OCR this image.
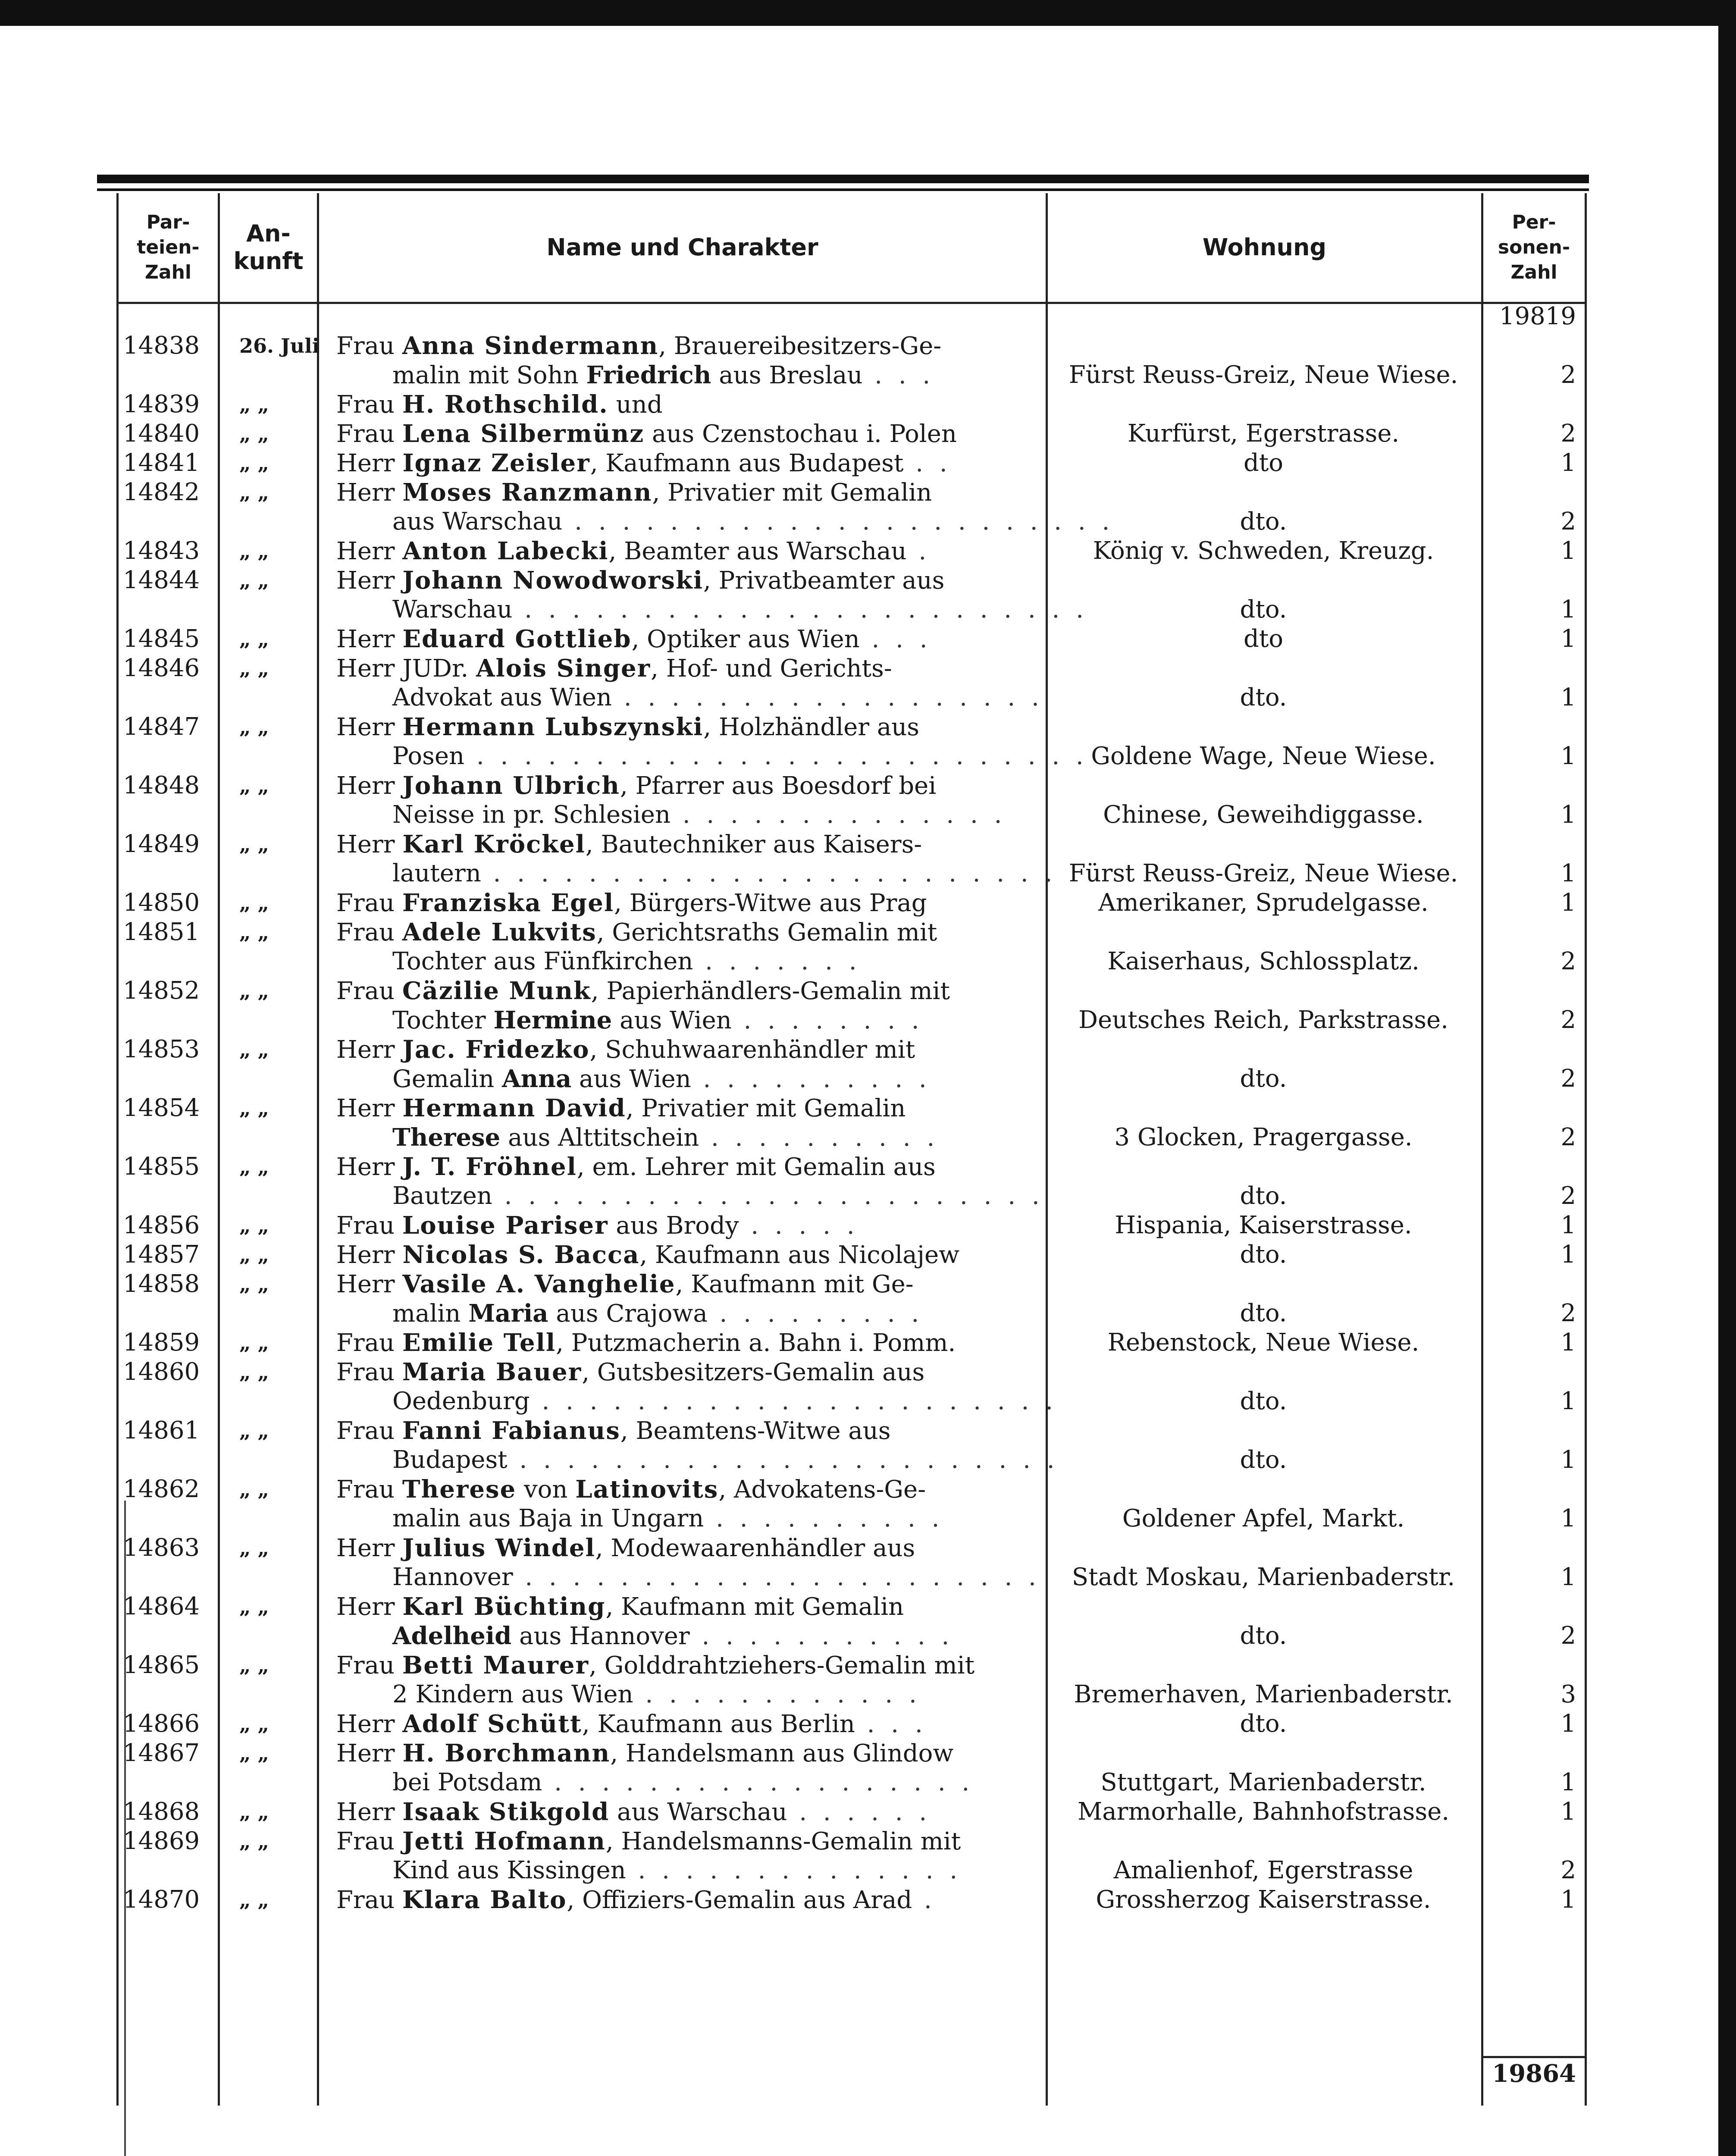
Par-
teien-
Zahl
An-
kunft
Name und Charakter	Wohnung
Per-
sonen-
Zahl
19819
14838 26. Juli Frau Anna Sindermann, Brauereibesitzers-Ge-
malin mit Sohn Friedrich aus Breslau . . .	Fürst Reuss-Greiz, Neue Wiese.	2
14839 „ „	Frau H. Rothschild. und
14840 „ „	Frau Lena Silbermünz aus Czenstochau i. Polen	Kurfürst, Egerstrasse.	2
14841 „ „	Herr Ignaz Zeisler, Kaufmann aus Budapest . .	dto	1
14842 „ „	Herr Moses Ranzmann, Privatier mit Gemalin
aus Warschau . . . . . . . . . . . . . . . . . . . . . . .	dto.	2
14843 „ „	Herr Anton Labecki, Beamter aus Warschau .	König v. Schweden, Kreuzg.	1
14844 „ „	Herr Johann Nowodworski, Privatbeamter aus
Warschau . . . . . . . . . . . . . . . . . . . . . . . .	dto.	1
14845 „ „	Herr Eduard Gottlieb, Optiker aus Wien . . .	dto	1
14846 „ „	Herr JUDr. Alois Singer, Hof- und Gerichts-
Advokat aus Wien . . . . . . . . . . . . . . . . . .	dto.	1
14847 „ „	Herr Hermann Lubszynski, Holzhändler aus
Posen . . . . . . . . . . . . . . . . . . . . . . . . . . Goldene Wage, Neue Wiese.	1
14848 „ „	Herr Johann Ulbrich, Pfarrer aus Boesdorf bei
Neisse in pr. Schlesien . . . . . . . . . . . . . .	Chinese, Geweihdiggasse.	1
14849 „ „	Herr Karl Kröckel, Bautechniker aus Kaisers-
lautern . . . . . . . . . . . . . . . . . . . . . . . . Fürst Reuss-Greiz, Neue Wiese.	1
14850 „ „	Frau Franziska Egel, Bürgers-Witwe aus Prag	Amerikaner, Sprudelgasse.	1
14851 „ „	Frau Adele Lukvits, Gerichtsraths Gemalin mit
Tochter aus Fünfkirchen . . . . . . .	Kaiserhaus, Schlossplatz.	2
14852 „ „	Frau Cäzilie Munk, Papierhändlers-Gemalin mit
Tochter Hermine aus Wien . . . . . . . .	Deutsches Reich, Parkstrasse.	2
14853 „ „	Herr Jac. Fridezko, Schuhwaarenhändler mit
Gemalin Anna aus Wien . . . . . . . . . .	dto.	2
14854 „ „	Herr Hermann David, Privatier mit Gemalin
Therese aus Alttitschein . . . . . . . . . .	3 Glocken, Pragergasse.	2
14855 „ „	Herr J. T. Fröhnel, em. Lehrer mit Gemalin aus
Bautzen . . . . . . . . . . . . . . . . . . . . . . .	dto.	2
14856 „ „	Frau Louise Pariser aus Brody . . . . .	Hispania, Kaiserstrasse.	1
14857 „ „	Herr Nicolas S. Bacca, Kaufmann aus Nicolajew	dto.	1
14858 „ „	Herr Vasile A. Vanghelie, Kaufmann mit Ge-
malin Maria aus Crajowa . . . . . . . . .	dto.	2
14859 „ „	Frau Emilie Tell, Putzmacherin a. Bahn i. Pomm.	Rebenstock, Neue Wiese.	1
14860 „ „	Frau Maria Bauer, Gutsbesitzers-Gemalin aus
Oedenburg . . . . . . . . . . . . . . . . . . . . . .	dto.	1
14861 „ „	Frau Fanni Fabianus, Beamtens-Witwe aus
Budapest . . . . . . . . . . . . . . . . . . . . . . .	dto.	1
14862 „ „	Frau Therese von Latinovits, Advokatens-Ge-
malin aus Baja in Ungarn . . . . . . . . . .	Goldener Apfel, Markt.	1
14863 „ „	Herr Julius Windel, Modewaarenhändler aus
Hannover . . . . . . . . . . . . . . . . . . . . . .	Stadt Moskau, Marienbaderstr.	1
14864 „ „	Herr Karl Büchting, Kaufmann mit Gemalin
Adelheid aus Hannover . . . . . . . . . . .	dto.	2
14865 „ „	Frau Betti Maurer, Golddrahtziehers-Gemalin mit
2 Kindern aus Wien . . . . . . . . . . . .	Bremerhaven, Marienbaderstr.	3
14866 „ „	Herr Adolf Schütt, Kaufmann aus Berlin . . .	dto.	1
14867 „ „	Herr H. Borchmann, Handelsmann aus Glindow
bei Potsdam . . . . . . . . . . . . . . . . . .	Stuttgart, Marienbaderstr.	1
14868 „ „	Herr Isaak Stikgold aus Warschau . . . . . .	Marmorhalle, Bahnhofstrasse.	1
14869 „ „	Frau Jetti Hofmann, Handelsmanns-Gemalin mit
Kind aus Kissingen . . . . . . . . . . . . . .	Amalienhof, Egerstrasse	2
14870 „ „	Frau Klara Balto, Offiziers-Gemalin aus Arad .	Grossherzog Kaiserstrasse.	1
19864
